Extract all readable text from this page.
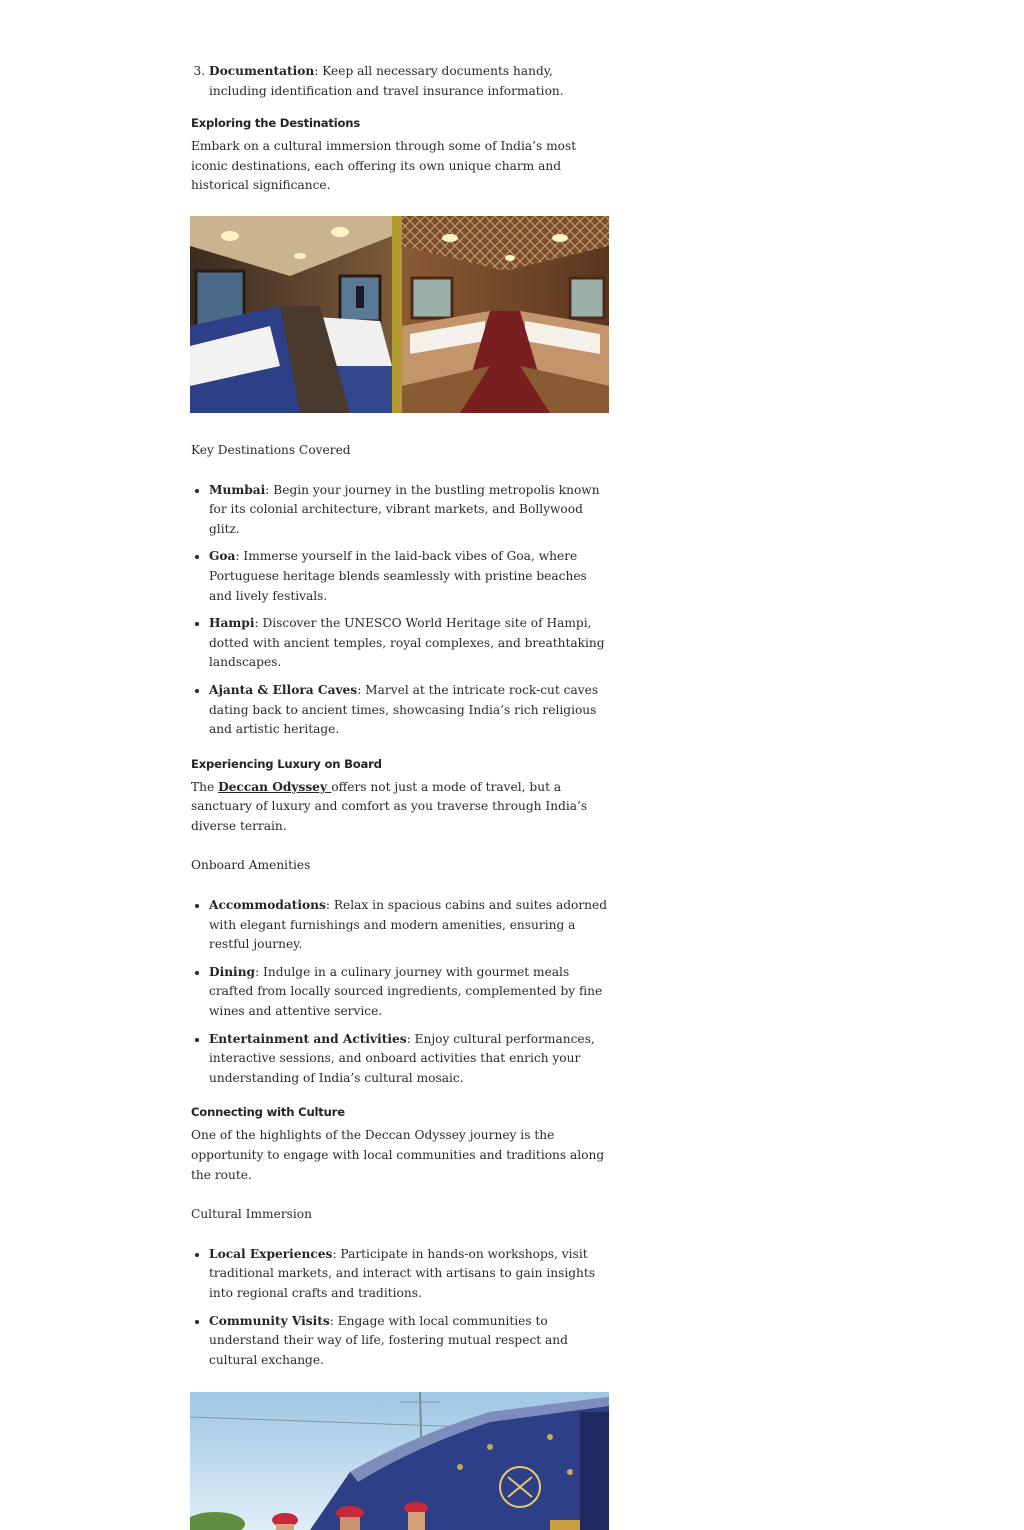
3. Documentation: Keep all necessary documents handy, including identification and travel insurance information.
Exploring the Destinations

Embark on a cultural immersion through some of India’s most iconic destinations, each offering its own unique charm and historical significance.

Key Destinations Covered

• Mumbai: Begin your journey in the bustling metropolis known for its colonial architecture, vibrant markets, and Bollywood glitz.
• Goa: Immerse yourself in the laid-back vibes of Goa, where Portuguese heritage blends seamlessly with pristine beaches and lively festivals.
• Hampi: Discover the UNESCO World Heritage site of Hampi, dotted with ancient temples, royal complexes, and breathtaking landscapes.
• Ajanta & Ellora Caves: Marvel at the intricate rock-cut caves dating back to ancient times, showcasing India’s rich religious and artistic heritage.
Experiencing Luxury on Board

The Deccan Odyssey offers not just a mode of travel, but a sanctuary of luxury and comfort as you traverse through India’s diverse terrain.

Onboard Amenities

• Accommodations: Relax in spacious cabins and suites adorned with elegant furnishings and modern amenities, ensuring a restful journey.
• Dining: Indulge in a culinary journey with gourmet meals crafted from locally sourced ingredients, complemented by fine wines and attentive service.
• Entertainment and Activities: Enjoy cultural performances, interactive sessions, and onboard activities that enrich your understanding of India’s cultural mosaic.
Connecting with Culture

One of the highlights of the Deccan Odyssey journey is the opportunity to engage with local communities and traditions along the route.

Cultural Immersion

• Local Experiences: Participate in hands-on workshops, visit traditional markets, and interact with artisans to gain insights into regional crafts and traditions.
• Community Visits: Engage with local communities to understand their way of life, fostering mutual respect and cultural exchange.
